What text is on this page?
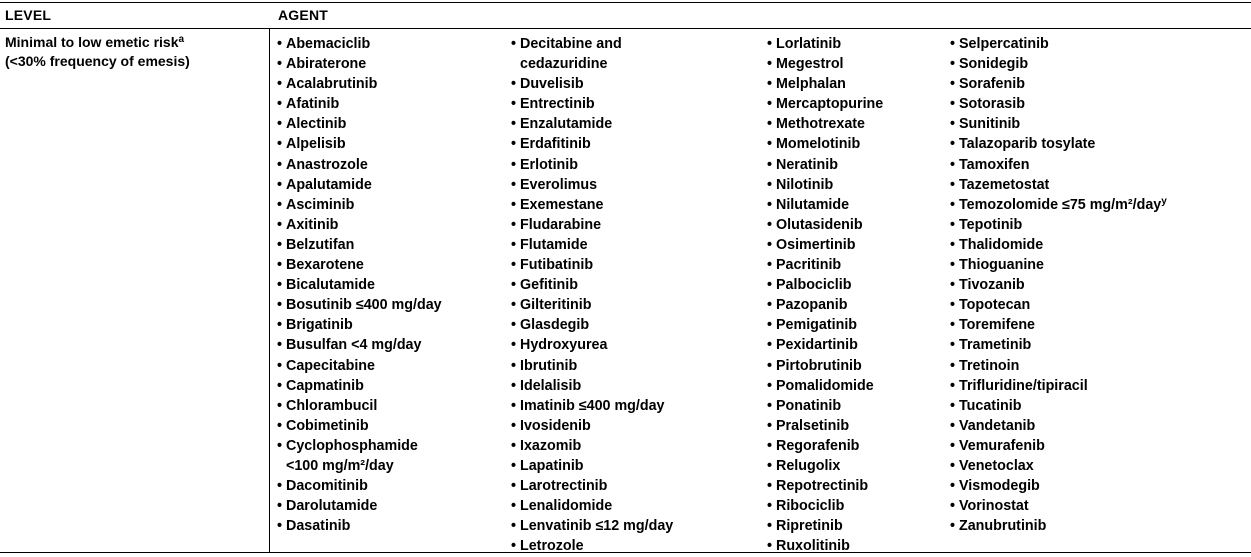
LEVEL	AGENT
Minimal to low emetic risk$^a$
(<30% frequency of emesis)
• Abemaciclib
• Abiraterone
• Acalabrutinib
• Afatinib
• Alectinib
• Alpelisib
• Anastrozole
• Apalutamide
• Asciminib
• Axitinib
• Belzutifan
• Bexarotene
• Bicalutamide
• Bosutinib ≤400 mg/day
• Brigatinib
• Busulfan <4 mg/day
• Capecitabine
• Capmatinib
• Chlorambucil
• Cobimetinib
• Cyclophosphamide
<100 mg/m²/day
• Dacomitinib
• Darolutamide
• Dasatinib
• Decitabine and
cedazuridine
• Duvelisib
• Entrectinib
• Enzalutamide
• Erdafitinib
• Erlotinib
• Everolimus
• Exemestane
• Fludarabine
• Flutamide
• Futibatinib
• Gefitinib
• Gilteritinib
• Glasdegib
• Hydroxyurea
• Ibrutinib
• Idelalisib
• Imatinib ≤400 mg/day
• Ivosidenib
• Ixazomib
• Lapatinib
• Larotrectinib
• Lenalidomide
• Lenvatinib ≤12 mg/day
• Letrozole
• Lorlatinib
• Megestrol
• Melphalan
• Mercaptopurine
• Methotrexate
• Momelotinib
• Neratinib
• Nilotinib
• Nilutamide
• Olutasidenib
• Osimertinib
• Pacritinib
• Palbociclib
• Pazopanib
• Pemigatinib
• Pexidartinib
• Pirtobrutinib
• Pomalidomide
• Ponatinib
• Pralsetinib
• Regorafenib
• Relugolix
• Repotrectinib
• Ribociclib
• Ripretinib
• Ruxolitinib
• Selpercatinib
• Sonidegib
• Sorafenib
• Sotorasib
• Sunitinib
• Talazoparib tosylate
• Tamoxifen
• Tazemetostat
• Temozolomide ≤75 mg/m²/day$^y$
• Tepotinib
• Thalidomide
• Thioguanine
• Tivozanib
• Topotecan
• Toremifene
• Trametinib
• Tretinoin
• Trifluridine/tipiracil
• Tucatinib
• Vandetanib
• Vemurafenib
• Venetoclax
• Vismodegib
• Vorinostat
• Zanubrutinib
